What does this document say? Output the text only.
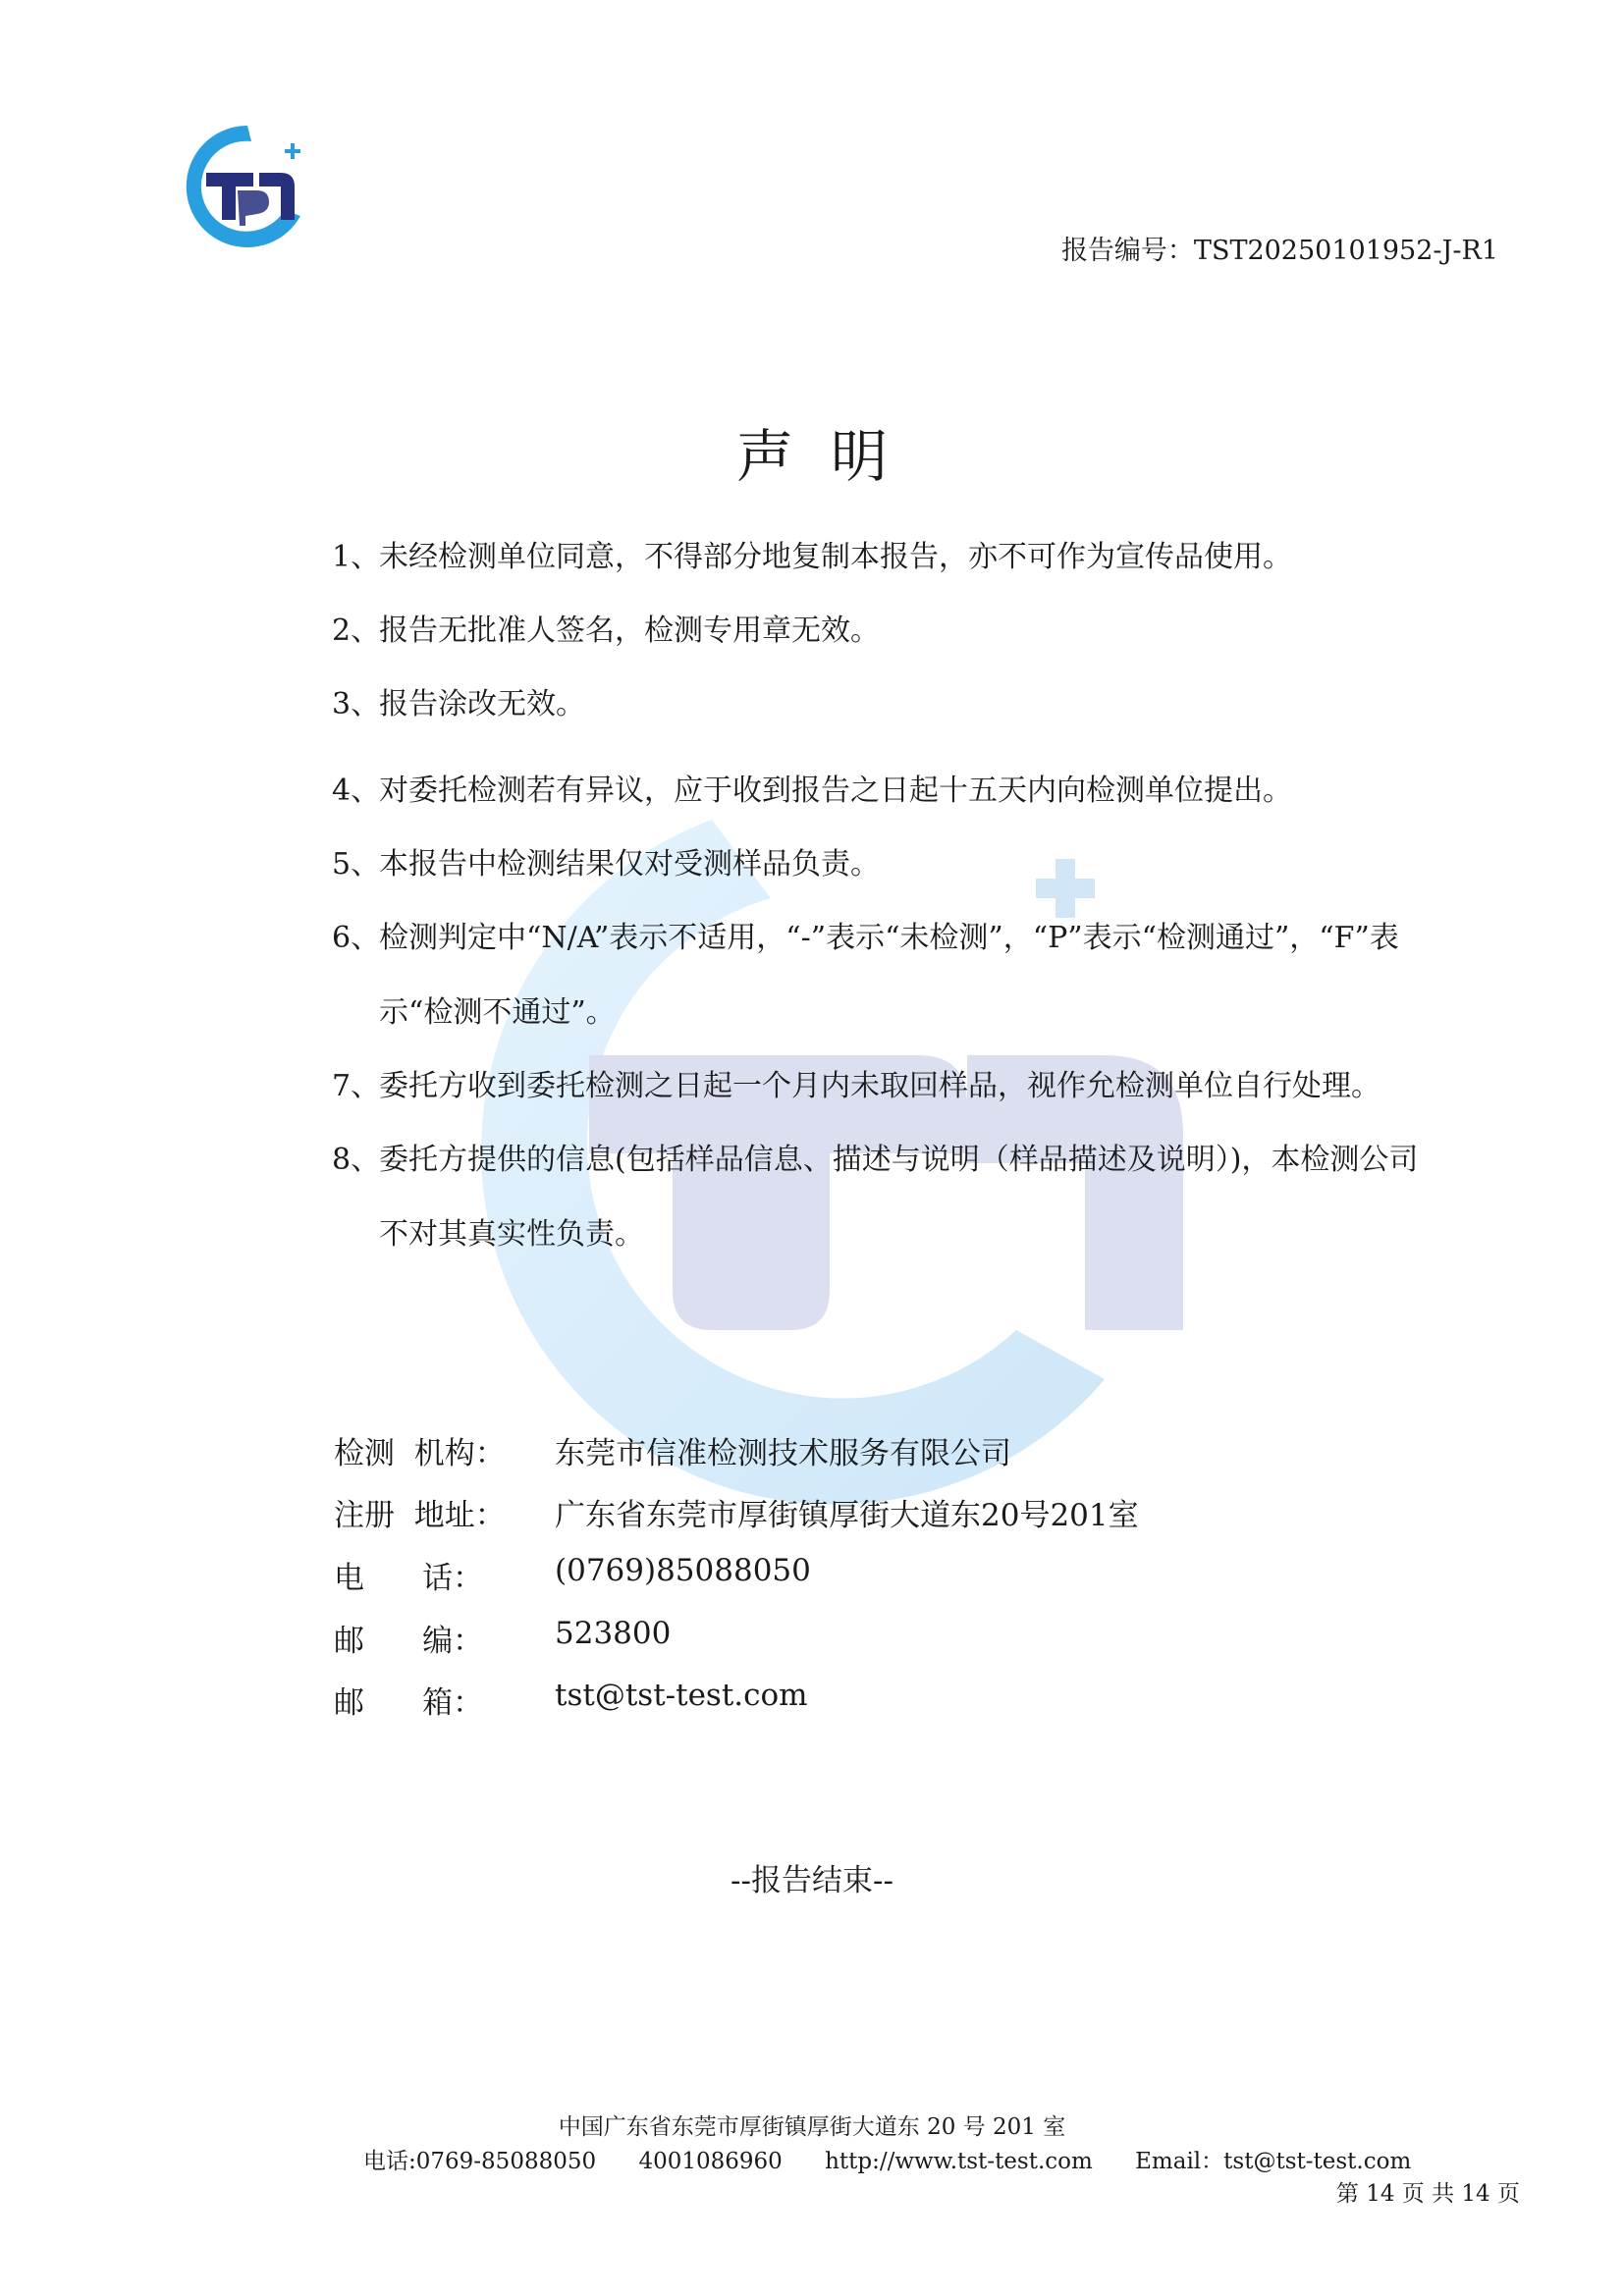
报告编号：TST20250101952-J-R1
声明
1、
未经检测单位同意，不得部分地复制本报告，亦不可作为宣传品使用。
2、
报告无批准人签名，检测专用章无效。
3、
报告涂改无效。
4、
对委托检测若有异议，应于收到报告之日起十五天内向检测单位提出。
5、
本报告中检测结果仅对受测样品负责。
6、
检测判定中“N/A”表示不适用，“-”表示“未检测”，“P”表示“检测通过”，“F”表示“检测不通过”。
7、
委托方收到委托检测之日起一个月内未取回样品，视作允检测单位自行处理。
8、
委托方提供的信息(包括样品信息、描述与说明（样品描述及说明）)，本检测公司不对其真实性负责。
检测  机构： 东莞市信准检测技术服务有限公司
注册  地址： 广东省东莞市厚街镇厚街大道东20号201室
电      话： (0769)85088050
邮      编： 523800
邮      箱： tst@tst-test.com
--报告结束--
中国广东省东莞市厚街镇厚街大道东 20 号 201 室
电话:0769-85088050 4001086960 http://www.tst-test.com Email：tst@tst-test.com
第 14 页 共 14 页
